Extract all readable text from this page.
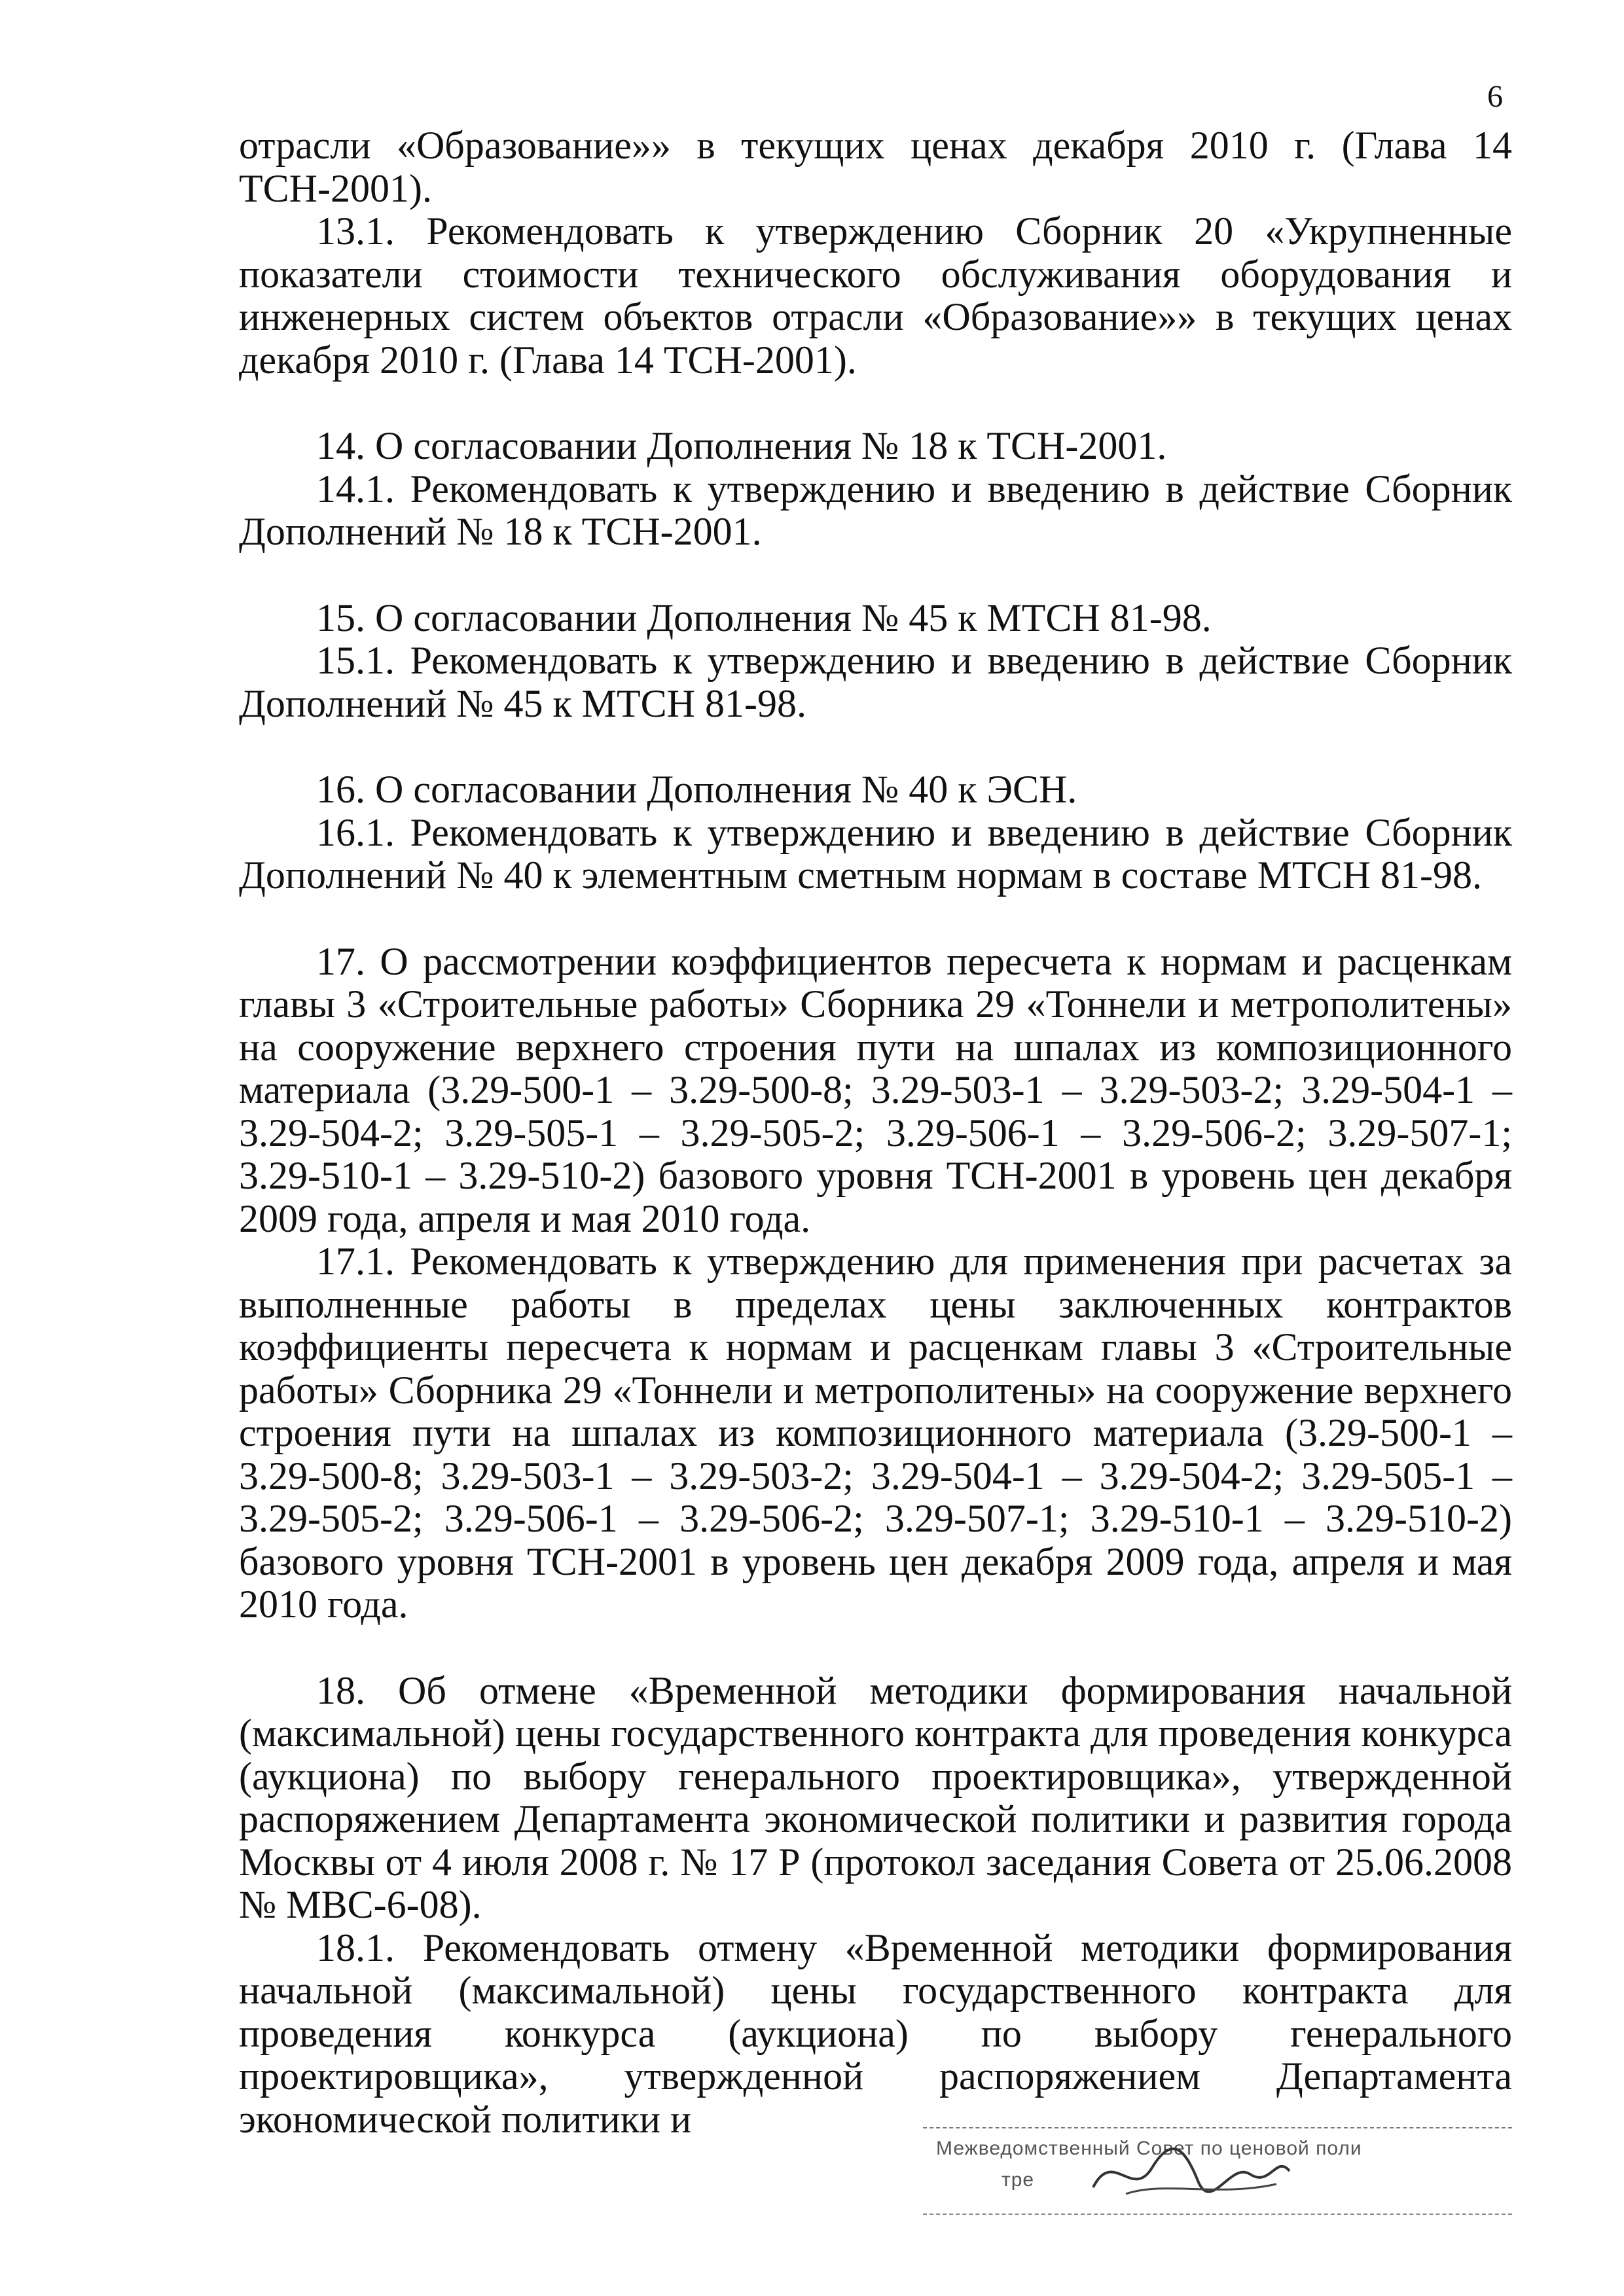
6

отрасли «Образование»» в текущих ценах декабря 2010 г. (Глава 14 ТСН-2001).

13.1. Рекомендовать к утверждению Сборник 20 «Укрупненные показатели стоимости технического обслуживания оборудования и инженерных систем объектов отрасли «Образование»» в текущих ценах декабря 2010 г. (Глава 14 ТСН-2001).

14. О согласовании Дополнения № 18 к ТСН-2001.

14.1. Рекомендовать к утверждению и введению в действие Сборник Дополнений № 18 к ТСН-2001.

15. О согласовании Дополнения № 45 к МТСН 81-98.

15.1. Рекомендовать к утверждению и введению в действие Сборник Дополнений № 45 к МТСН 81-98.

16. О согласовании Дополнения № 40 к ЭСН.

16.1. Рекомендовать к утверждению и введению в действие Сборник Дополнений № 40 к элементным сметным нормам в составе МТСН 81-98.

17. О рассмотрении коэффициентов пересчета к нормам и расценкам главы 3 «Строительные работы» Сборника 29 «Тоннели и метрополитены» на сооружение верхнего строения пути на шпалах из композиционного материала (3.29-500-1 – 3.29-500-8; 3.29-503-1 – 3.29-503-2; 3.29-504-1 – 3.29-504-2; 3.29-505-1 – 3.29-505-2; 3.29-506-1 – 3.29-506-2; 3.29-507-1; 3.29-510-1 – 3.29-510-2) базового уровня ТСН-2001 в уровень цен декабря 2009 года, апреля и мая 2010 года.

17.1. Рекомендовать к утверждению для применения при расчетах за выполненные работы в пределах цены заключенных контрактов коэффициенты пересчета к нормам и расценкам главы 3 «Строительные работы» Сборника 29 «Тоннели и метрополитены» на сооружение верхнего строения пути на шпалах из композиционного материала (3.29-500-1 – 3.29-500-8; 3.29-503-1 – 3.29-503-2; 3.29-504-1 – 3.29-504-2; 3.29-505-1 – 3.29-505-2; 3.29-506-1 – 3.29-506-2; 3.29-507-1; 3.29-510-1 – 3.29-510-2) базового уровня ТСН-2001 в уровень цен декабря 2009 года, апреля и мая 2010 года.

18. Об отмене «Временной методики формирования начальной (максимальной) цены государственного контракта для проведения конкурса (аукциона) по выбору генерального проектировщика», утвержденной распоряжением Департамента экономической политики и развития города Москвы от 4 июля 2008 г. № 17 Р (протокол заседания Совета от 25.06.2008 № МВС-6-08).

18.1. Рекомендовать отмену «Временной методики формирования начальной (максимальной) цены государственного контракта для проведения конкурса (аукциона) по выбору генерального проектировщика», утвержденной распоряжением Департамента экономической политики и

Межведомственный Совет по ценовой поли
тре
